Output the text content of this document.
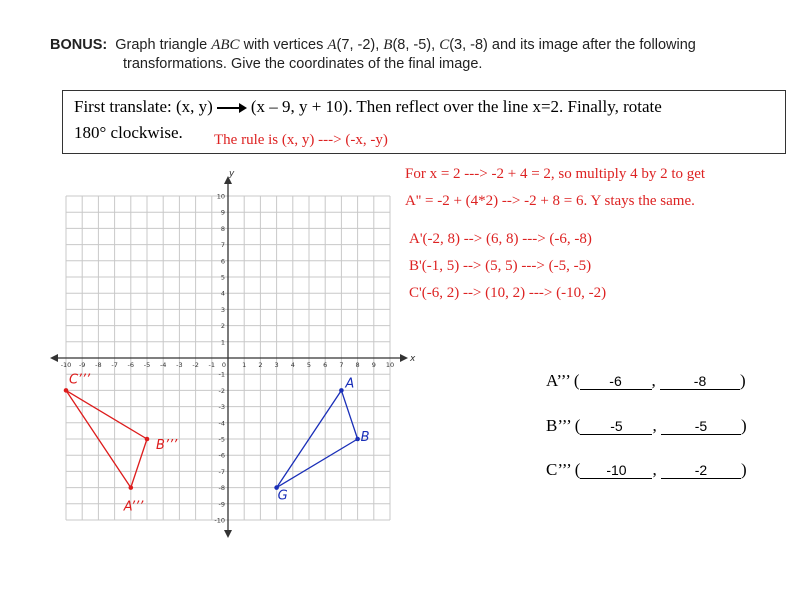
BONUS: Graph triangle ABC with vertices A(7, -2), B(8, -5), C(3, -8) and its image after the following
transformations. Give the coordinates of the final image.
First translate: (x, y) (x – 9, y + 10). Then reflect over the line x=2. Finally, rotate
180° clockwise. The rule is (x, y) ---> (-x, -y)
For x = 2 ---> -2 + 4 = 2, so multiply 4 by 2 to get
A'' = -2 + (4*2) --> -2 + 8 = 6. Y stays the same.
A'(-2, 8) --> (6, 8) ---> (-6, -8)
B'(-1, 5) --> (5, 5) ---> (-5, -5)
C'(-6, 2) --> (10, 2) ---> (-10, -2)
A’’’ ( -6 ,	-8 )
B’’’ ( -5 ,	-5 )
C’’’ ( -10 ,	-2 )
x
y
-10 -9 -8 -7 -6 -5 -4 -3 -2 -1 0 1 2 3 4 5 6 7 8 9 10
10
9
8
7
6
5
4
3
2
1
-1
-2
-3
-4
-5
-6
-7
-8
-9
-10
A
B
G
C’’’
B’’’
A’’’
